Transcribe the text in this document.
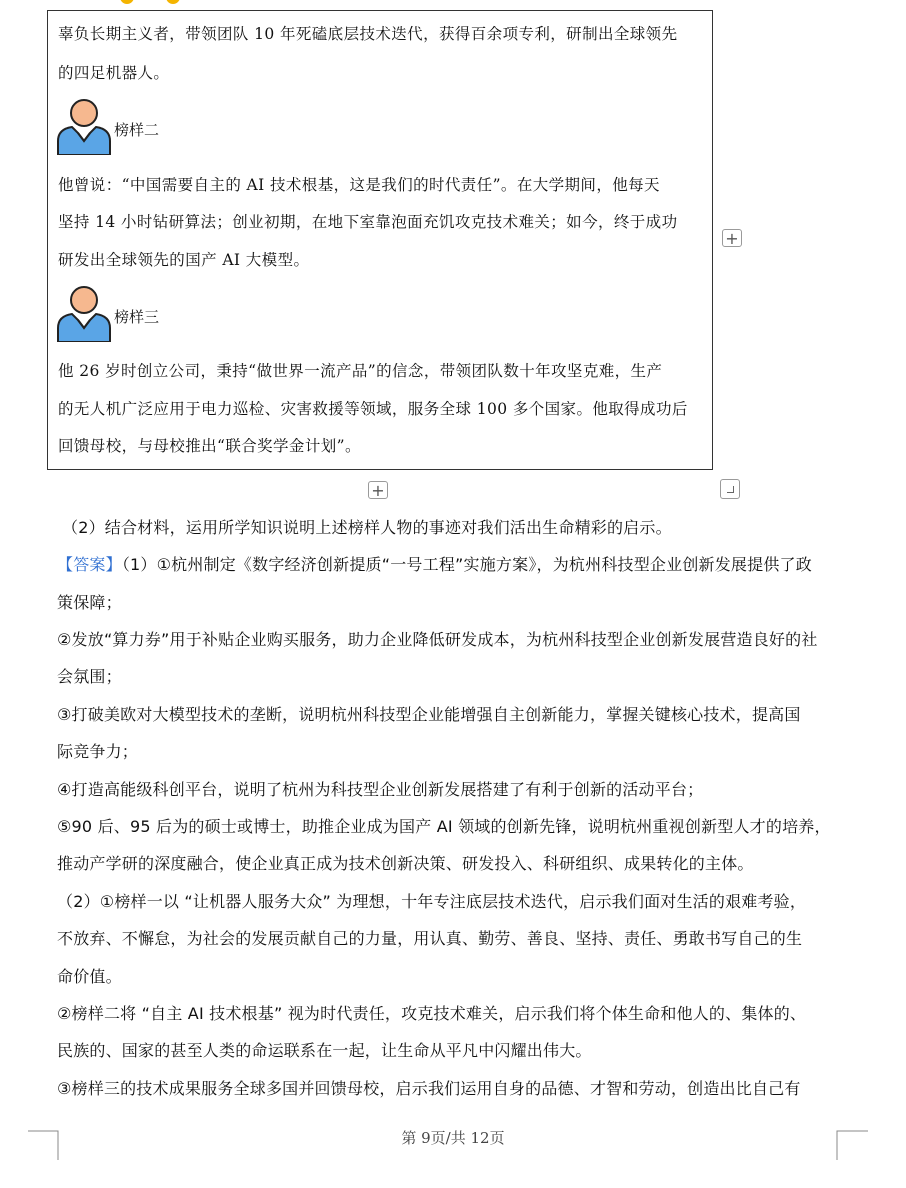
辜负长期主义者，带领团队 10 年死磕底层技术迭代，获得百余项专利，研制出全球领先
的四足机器人。
榜样二
他曾说：“中国需要自主的 AI 技术根基，这是我们的时代责任”。在大学期间，他每天
坚持 14 小时钻研算法；创业初期，在地下室靠泡面充饥攻克技术难关；如今，终于成功
研发出全球领先的国产 AI 大模型。
榜样三
他 26 岁时创立公司，秉持“做世界一流产品”的信念，带领团队数十年攻坚克难，生产
的无人机广泛应用于电力巡检、灾害救援等领域，服务全球 100 多个国家。他取得成功后
回馈母校，与母校推出“联合奖学金计划”。
+
+
（2）结合材料，运用所学知识说明上述榜样人物的事迹对我们活出生命精彩的启示。
【答案】（1）①杭州制定《数字经济创新提质“一号工程”实施方案》，为杭州科技型企业创新发展提供了政
策保障；
②发放“算力券”用于补贴企业购买服务，助力企业降低研发成本，为杭州科技型企业创新发展营造良好的社
会氛围；
③打破美欧对大模型技术的垄断，说明杭州科技型企业能增强自主创新能力，掌握关键核心技术，提高国
际竞争力；
④打造高能级科创平台，说明了杭州为科技型企业创新发展搭建了有利于创新的活动平台；
⑤90 后、95 后为的硕士或博士，助推企业成为国产 AI 领域的创新先锋，说明杭州重视创新型人才的培养，
推动产学研的深度融合，使企业真正成为技术创新决策、研发投入、科研组织、成果转化的主体。
（2）①榜样一以 “让机器人服务大众” 为理想，十年专注底层技术迭代，启示我们面对生活的艰难考验，
不放弃、不懈怠，为社会的发展贡献自己的力量，用认真、勤劳、善良、坚持、责任、勇敢书写自己的生
命价值。
②榜样二将 “自主 AI 技术根基” 视为时代责任，攻克技术难关，启示我们将个体生命和他人的、集体的、
民族的、国家的甚至人类的命运联系在一起，让生命从平凡中闪耀出伟大。
③榜样三的技术成果服务全球多国并回馈母校，启示我们运用自身的品德、才智和劳动，创造出比自己有
第 9页/共 12页
